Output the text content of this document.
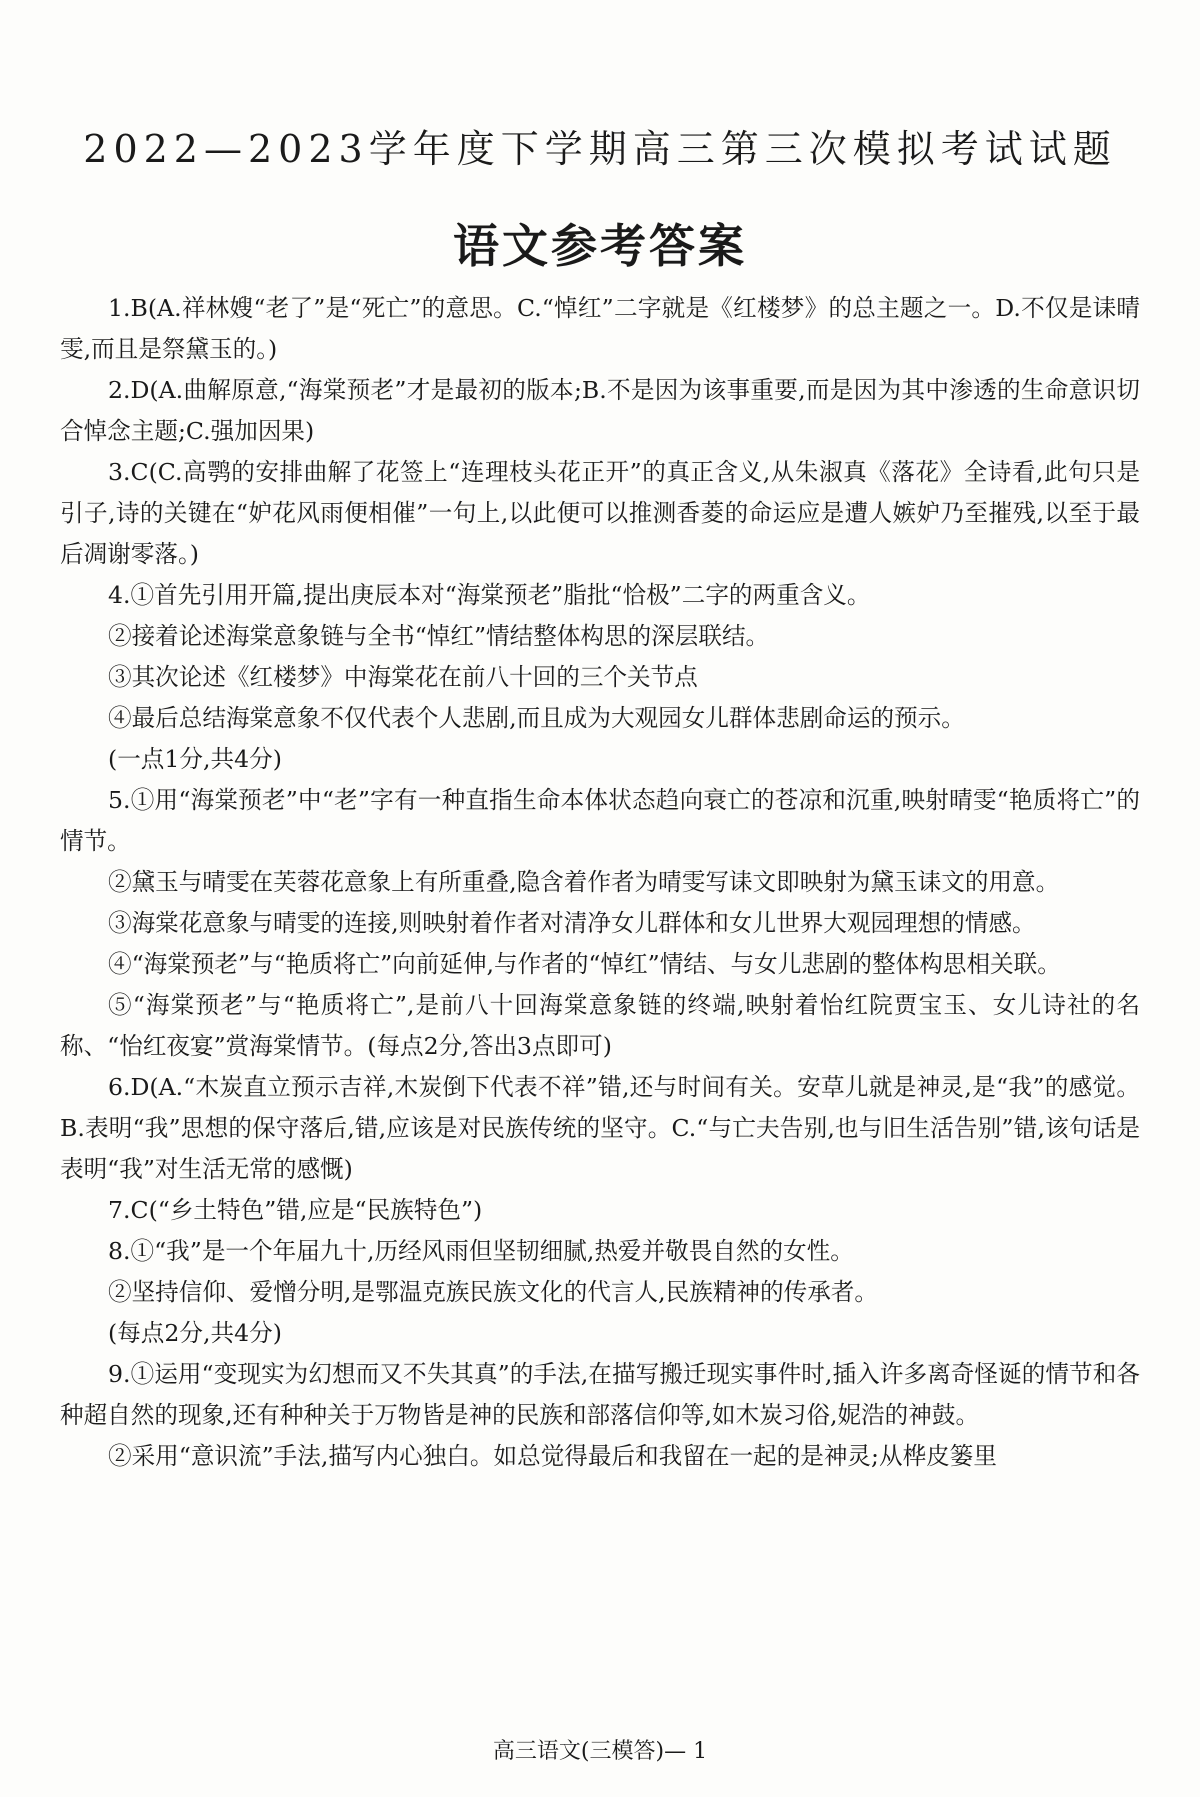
2022—2023学年度下学期高三第三次模拟考试试题
语文参考答案

1.B(A.祥林嫂“老了”是“死亡”的意思。C.“悼红”二字就是《红楼梦》的总主题之一。D.不仅是诔晴雯,而且是祭黛玉的。)

2.D(A.曲解原意,“海棠预老”才是最初的版本;B.不是因为该事重要,而是因为其中渗透的生命意识切合悼念主题;C.强加因果)

3.C(C.高鹗的安排曲解了花签上“连理枝头花正开”的真正含义,从朱淑真《落花》全诗看,此句只是引子,诗的关键在“妒花风雨便相催”一句上,以此便可以推测香菱的命运应是遭人嫉妒乃至摧残,以至于最后凋谢零落。)

4.①首先引用开篇,提出庚辰本对“海棠预老”脂批“恰极”二字的两重含义。

②接着论述海棠意象链与全书“悼红”情结整体构思的深层联结。

③其次论述《红楼梦》中海棠花在前八十回的三个关节点

④最后总结海棠意象不仅代表个人悲剧,而且成为大观园女儿群体悲剧命运的预示。

(一点1分,共4分)

5.①用“海棠预老”中“老”字有一种直指生命本体状态趋向衰亡的苍凉和沉重,映射晴雯“艳质将亡”的情节。

②黛玉与晴雯在芙蓉花意象上有所重叠,隐含着作者为晴雯写诔文即映射为黛玉诔文的用意。

③海棠花意象与晴雯的连接,则映射着作者对清净女儿群体和女儿世界大观园理想的情感。

④“海棠预老”与“艳质将亡”向前延伸,与作者的“悼红”情结、与女儿悲剧的整体构思相关联。

⑤“海棠预老”与“艳质将亡”,是前八十回海棠意象链的终端,映射着怡红院贾宝玉、女儿诗社的名称、“怡红夜宴”赏海棠情节。(每点2分,答出3点即可)

6.D(A.“木炭直立预示吉祥,木炭倒下代表不祥”错,还与时间有关。安草儿就是神灵,是“我”的感觉。B.表明“我”思想的保守落后,错,应该是对民族传统的坚守。C.“与亡夫告别,也与旧生活告别”错,该句话是表明“我”对生活无常的感慨)

7.C(“乡土特色”错,应是“民族特色”)

8.①“我”是一个年届九十,历经风雨但坚韧细腻,热爱并敬畏自然的女性。

②坚持信仰、爱憎分明,是鄂温克族民族文化的代言人,民族精神的传承者。

(每点2分,共4分)

9.①运用“变现实为幻想而又不失其真”的手法,在描写搬迁现实事件时,插入许多离奇怪诞的情节和各种超自然的现象,还有种种关于万物皆是神的民族和部落信仰等,如木炭习俗,妮浩的神鼓。

②采用“意识流”手法,描写内心独白。如总觉得最后和我留在一起的是神灵;从桦皮篓里

高三语文(三模答)— 1
